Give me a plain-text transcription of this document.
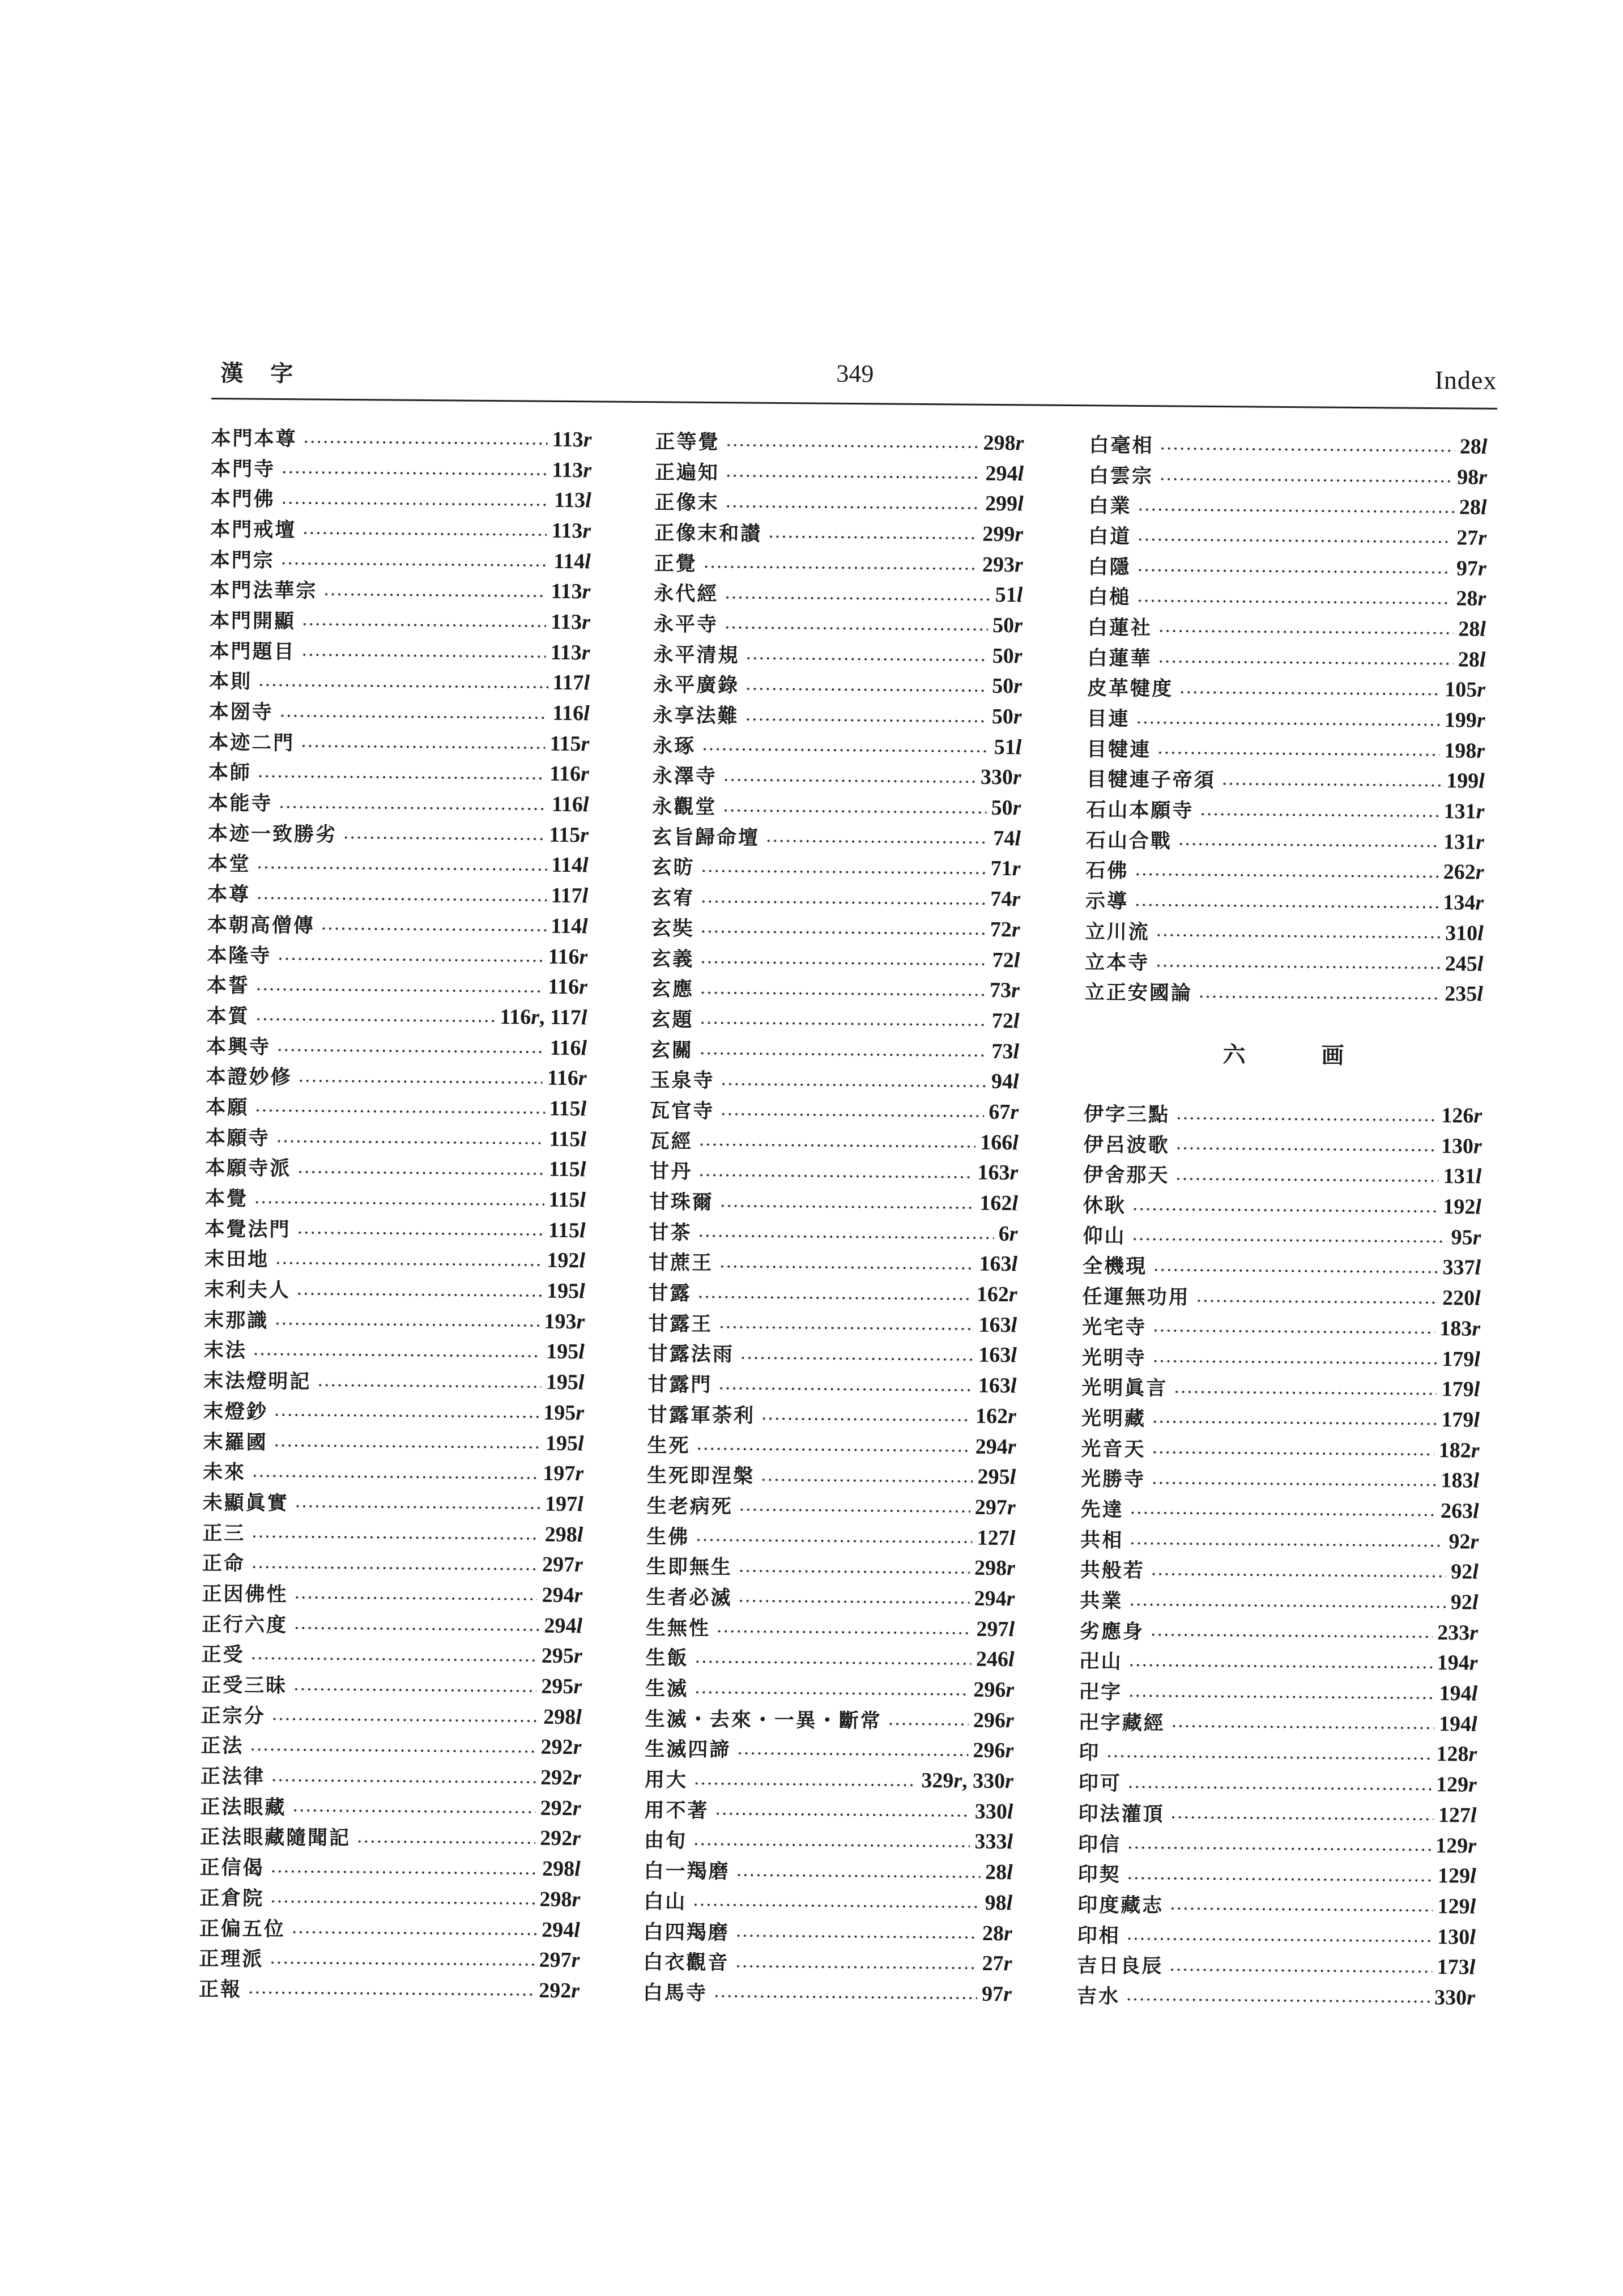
漢 字	349	Index
本門本尊	113r
本門寺	113r
本門佛	113l
本門戒壇	113r
本門宗	114l
本門法華宗	113r
本門開顯	113r
本門題目	113r
本則	117l
本圀寺	116l
本迹二門	115r
本師	116r
本能寺	116l
本迹一致勝劣	115r
本堂	114l
本尊	117l
本朝高僧傳	114l
本隆寺	116r
本誓	116r
本質	116r, 117l
本興寺	116l
本證妙修	116r
本願	115l
本願寺	115l
本願寺派	115l
本覺	115l
本覺法門	115l
末田地	192l
末利夫人	195l
末那識	193r
末法	195l
末法燈明記	195l
末燈鈔	195r
末羅國	195l
未來	197r
未顯眞實	197l
正三	298l
正命	297r
正因佛性	294r
正行六度	294l
正受	295r
正受三昧	295r
正宗分	298l
正法	292r
正法律	292r
正法眼藏	292r
正法眼藏隨聞記	292r
正信偈	298l
正倉院	298r
正偏五位	294l
正理派	297r
正報	292r
正等覺	298r
正遍知	294l
正像末	299l
正像末和讃	299r
正覺	293r
永代經	51l
永平寺	50r
永平清規	50r
永平廣錄	50r
永享法難	50r
永琢	51l
永澤寺	330r
永觀堂	50r
玄旨歸命壇	74l
玄昉	71r
玄宥	74r
玄奘	72r
玄義	72l
玄應	73r
玄題	72l
玄關	73l
玉泉寺	94l
瓦官寺	67r
瓦經	166l
甘丹	163r
甘珠爾	162l
甘茶	6r
甘蔗王	163l
甘露	162r
甘露王	163l
甘露法雨	163l
甘露門	163l
甘露軍荼利	162r
生死	294r
生死即涅槃	295l
生老病死	297r
生佛	127l
生即無生	298r
生者必滅	294r
生無性	297l
生飯	246l
生滅	296r
生滅・去來・一異・斷常	296r
生滅四諦	296r
用大	329r, 330r
用不著	330l
由旬	333l
白一羯磨	28l
白山	98l
白四羯磨	28r
白衣觀音	27r
白馬寺	97r
白毫相	28l
白雲宗	98r
白業	28l
白道	27r
白隱	97r
白槌	28r
白蓮社	28l
白蓮華	28l
皮革犍度	105r
目連	199r
目犍連	198r
目犍連子帝須	199l
石山本願寺	131r
石山合戰	131r
石佛	262r
示導	134r
立川流	310l
立本寺	245l
立正安國論	235l
六 画
伊字三點	126r
伊呂波歌	130r
伊舍那天	131l
休耿	192l
仰山	95r
全機現	337l
任運無功用	220l
光宅寺	183r
光明寺	179l
光明眞言	179l
光明藏	179l
光音天	182r
光勝寺	183l
先達	263l
共相	92r
共般若	92l
共業	92l
劣應身	233r
卍山	194r
卍字	194l
卍字藏經	194l
印	128r
印可	129r
印法灌頂	127l
印信	129r
印契	129l
印度藏志	129l
印相	130l
吉日良辰	173l
吉水	330r
